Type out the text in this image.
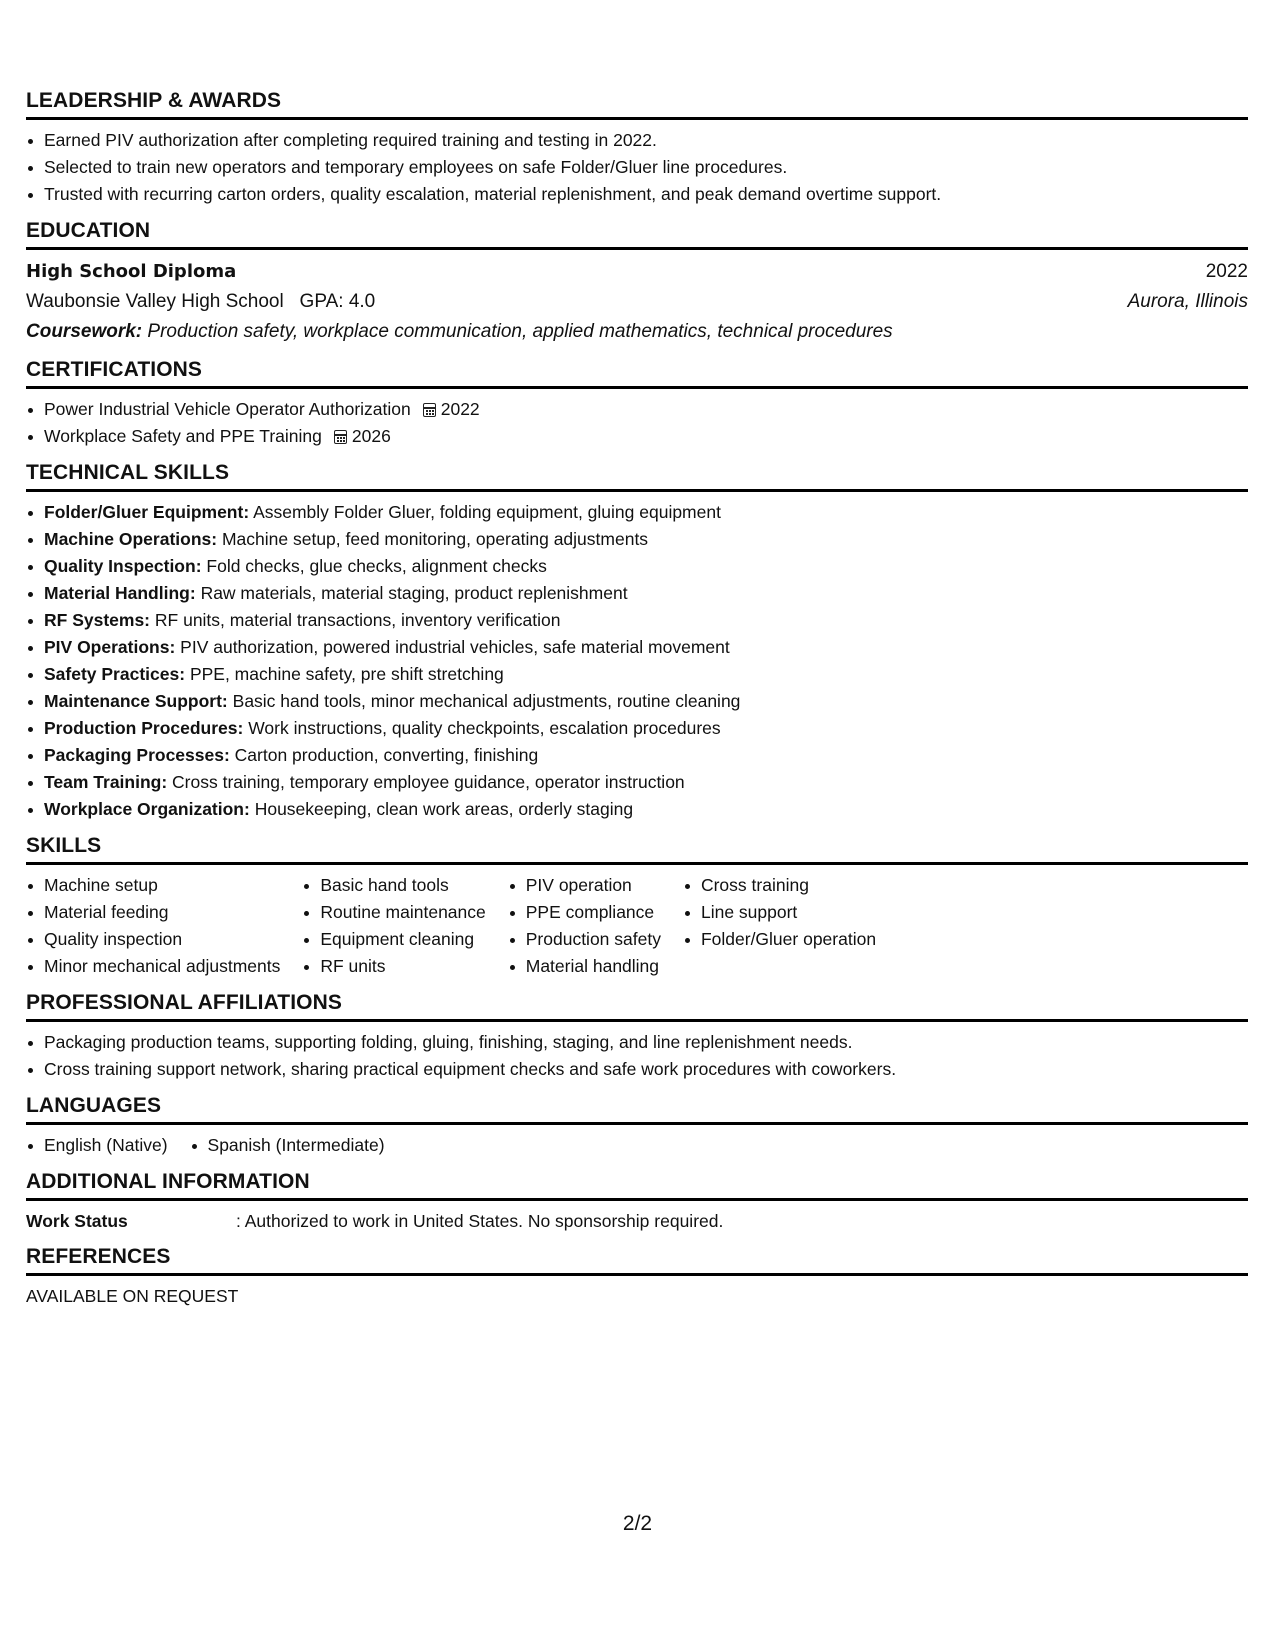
LEADERSHIP & AWARDS
Earned PIV authorization after completing required training and testing in 2022.
Selected to train new operators and temporary employees on safe Folder/Gluer line procedures.
Trusted with recurring carton orders, quality escalation, material replenishment, and peak demand overtime support.
EDUCATION
High School Diploma	2022
Waubonsie Valley High School GPA: 4.0	Aurora, Illinois
Coursework: Production safety, workplace communication, applied mathematics, technical procedures
CERTIFICATIONS
Power Industrial Vehicle Operator Authorization 2022
Workplace Safety and PPE Training 2026
TECHNICAL SKILLS
Folder/Gluer Equipment: Assembly Folder Gluer, folding equipment, gluing equipment
Machine Operations: Machine setup, feed monitoring, operating adjustments
Quality Inspection: Fold checks, glue checks, alignment checks
Material Handling: Raw materials, material staging, product replenishment
RF Systems: RF units, material transactions, inventory verification
PIV Operations: PIV authorization, powered industrial vehicles, safe material movement
Safety Practices: PPE, machine safety, pre shift stretching
Maintenance Support: Basic hand tools, minor mechanical adjustments, routine cleaning
Production Procedures: Work instructions, quality checkpoints, escalation procedures
Packaging Processes: Carton production, converting, finishing
Team Training: Cross training, temporary employee guidance, operator instruction
Workplace Organization: Housekeeping, clean work areas, orderly staging
SKILLS
Machine setup
Material feeding
Quality inspection
Minor mechanical adjustments
Basic hand tools
Routine maintenance
Equipment cleaning
RF units
PIV operation
PPE compliance
Production safety
Material handling
Cross training
Line support
Folder/Gluer operation
PROFESSIONAL AFFILIATIONS
Packaging production teams, supporting folding, gluing, finishing, staging, and line replenishment needs.
Cross training support network, sharing practical equipment checks and safe work procedures with coworkers.
LANGUAGES
English (Native) Spanish (Intermediate)
ADDITIONAL INFORMATION
Work Status	: Authorized to work in United States. No sponsorship required.
REFERENCES
AVAILABLE ON REQUEST
2/2
